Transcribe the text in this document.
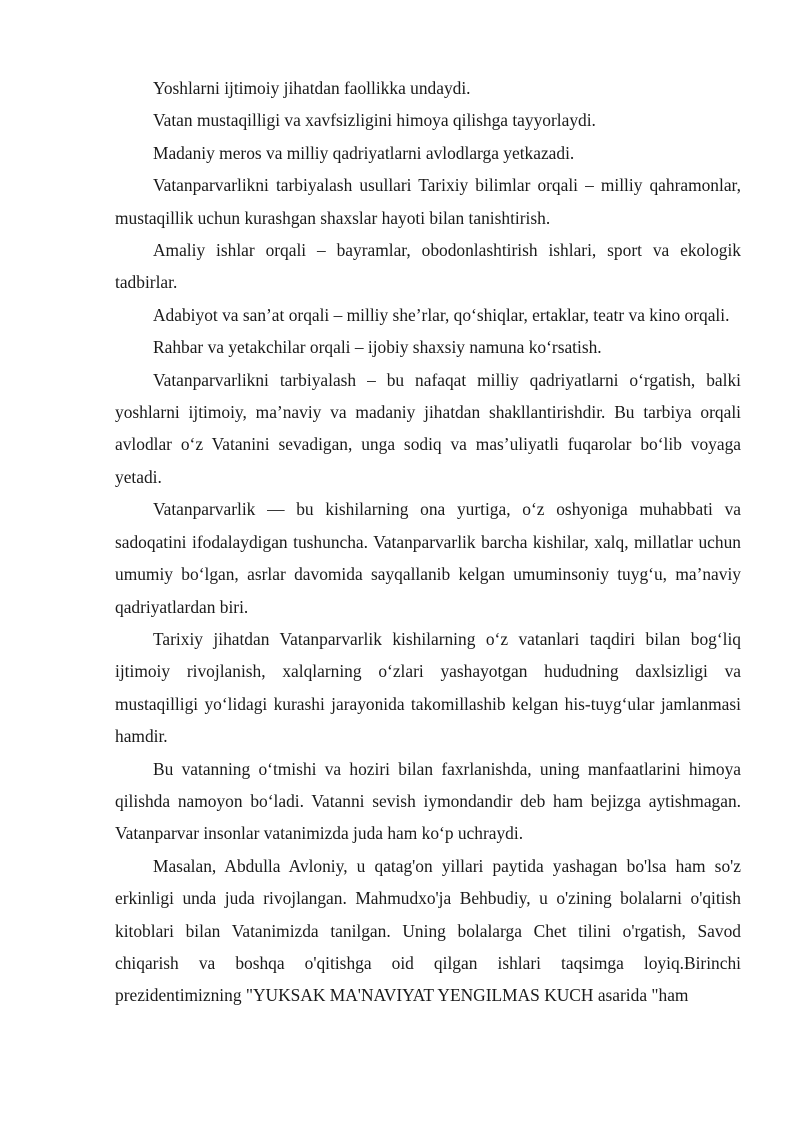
Yoshlarni ijtimoiy jihatdan faollikka undaydi.

Vatan mustaqilligi va xavfsizligini himoya qilishga tayyorlaydi.

Madaniy meros va milliy qadriyatlarni avlodlarga yetkazadi.

Vatanparvarlikni tarbiyalash usullari Tarixiy bilimlar orqali – milliy qahramonlar, mustaqillik uchun kurashgan shaxslar hayoti bilan tanishtirish.

Amaliy ishlar orqali – bayramlar, obodonlashtirish ishlari, sport va ekologik tadbirlar.

Adabiyot va san’at orqali – milliy she’rlar, qo‘shiqlar, ertaklar, teatr va kino orqali.

Rahbar va yetakchilar orqali – ijobiy shaxsiy namuna ko‘rsatish.

Vatanparvarlikni tarbiyalash – bu nafaqat milliy qadriyatlarni o‘rgatish, balki yoshlarni ijtimoiy, ma’naviy va madaniy jihatdan shakllantirishdir. Bu tarbiya orqali avlodlar o‘z Vatanini sevadigan, unga sodiq va mas’uliyatli fuqarolar bo‘lib voyaga yetadi.

Vatanparvarlik — bu kishilarning ona yurtiga, o‘z oshyoniga muhabbati va sadoqatini ifodalaydigan tushuncha. Vatanparvarlik barcha kishilar, xalq, millatlar uchun umumiy bo‘lgan, asrlar davomida sayqallanib kelgan umuminsoniy tuyg‘u, ma’naviy qadriyatlardan biri.

Tarixiy jihatdan Vatanparvarlik kishilarning o‘z vatanlari taqdiri bilan bog‘liq ijtimoiy rivojlanish, xalqlarning o‘zlari yashayotgan hududning daxlsizligi va mustaqilligi yo‘lidagi kurashi jarayonida takomillashib kelgan his-tuyg‘ular jamlanmasi hamdir.

Bu vatanning o‘tmishi va hoziri bilan faxrlanishda, uning manfaatlarini himoya qilishda namoyon bo‘ladi. Vatanni sevish iymondandir deb ham bejizga aytishmagan. Vatanparvar insonlar vatanimizda juda ham ko‘p uchraydi.

Masalan, Abdulla Avloniy, u qatag'on yillari paytida yashagan bo'lsa ham so'z erkinligi unda juda rivojlangan. Mahmudxo'ja Behbudiy, u o'zining bolalarni o'qitish kitoblari bilan Vatanimizda tanilgan. Uning bolalarga Chet tilini o'rgatish, Savod chiqarish va boshqa o'qitishga oid qilgan ishlari taqsimga loyiq.Birinchi prezidentimizning "YUKSAK MA'NAVIYAT YENGILMAS KUCH asarida "ham
